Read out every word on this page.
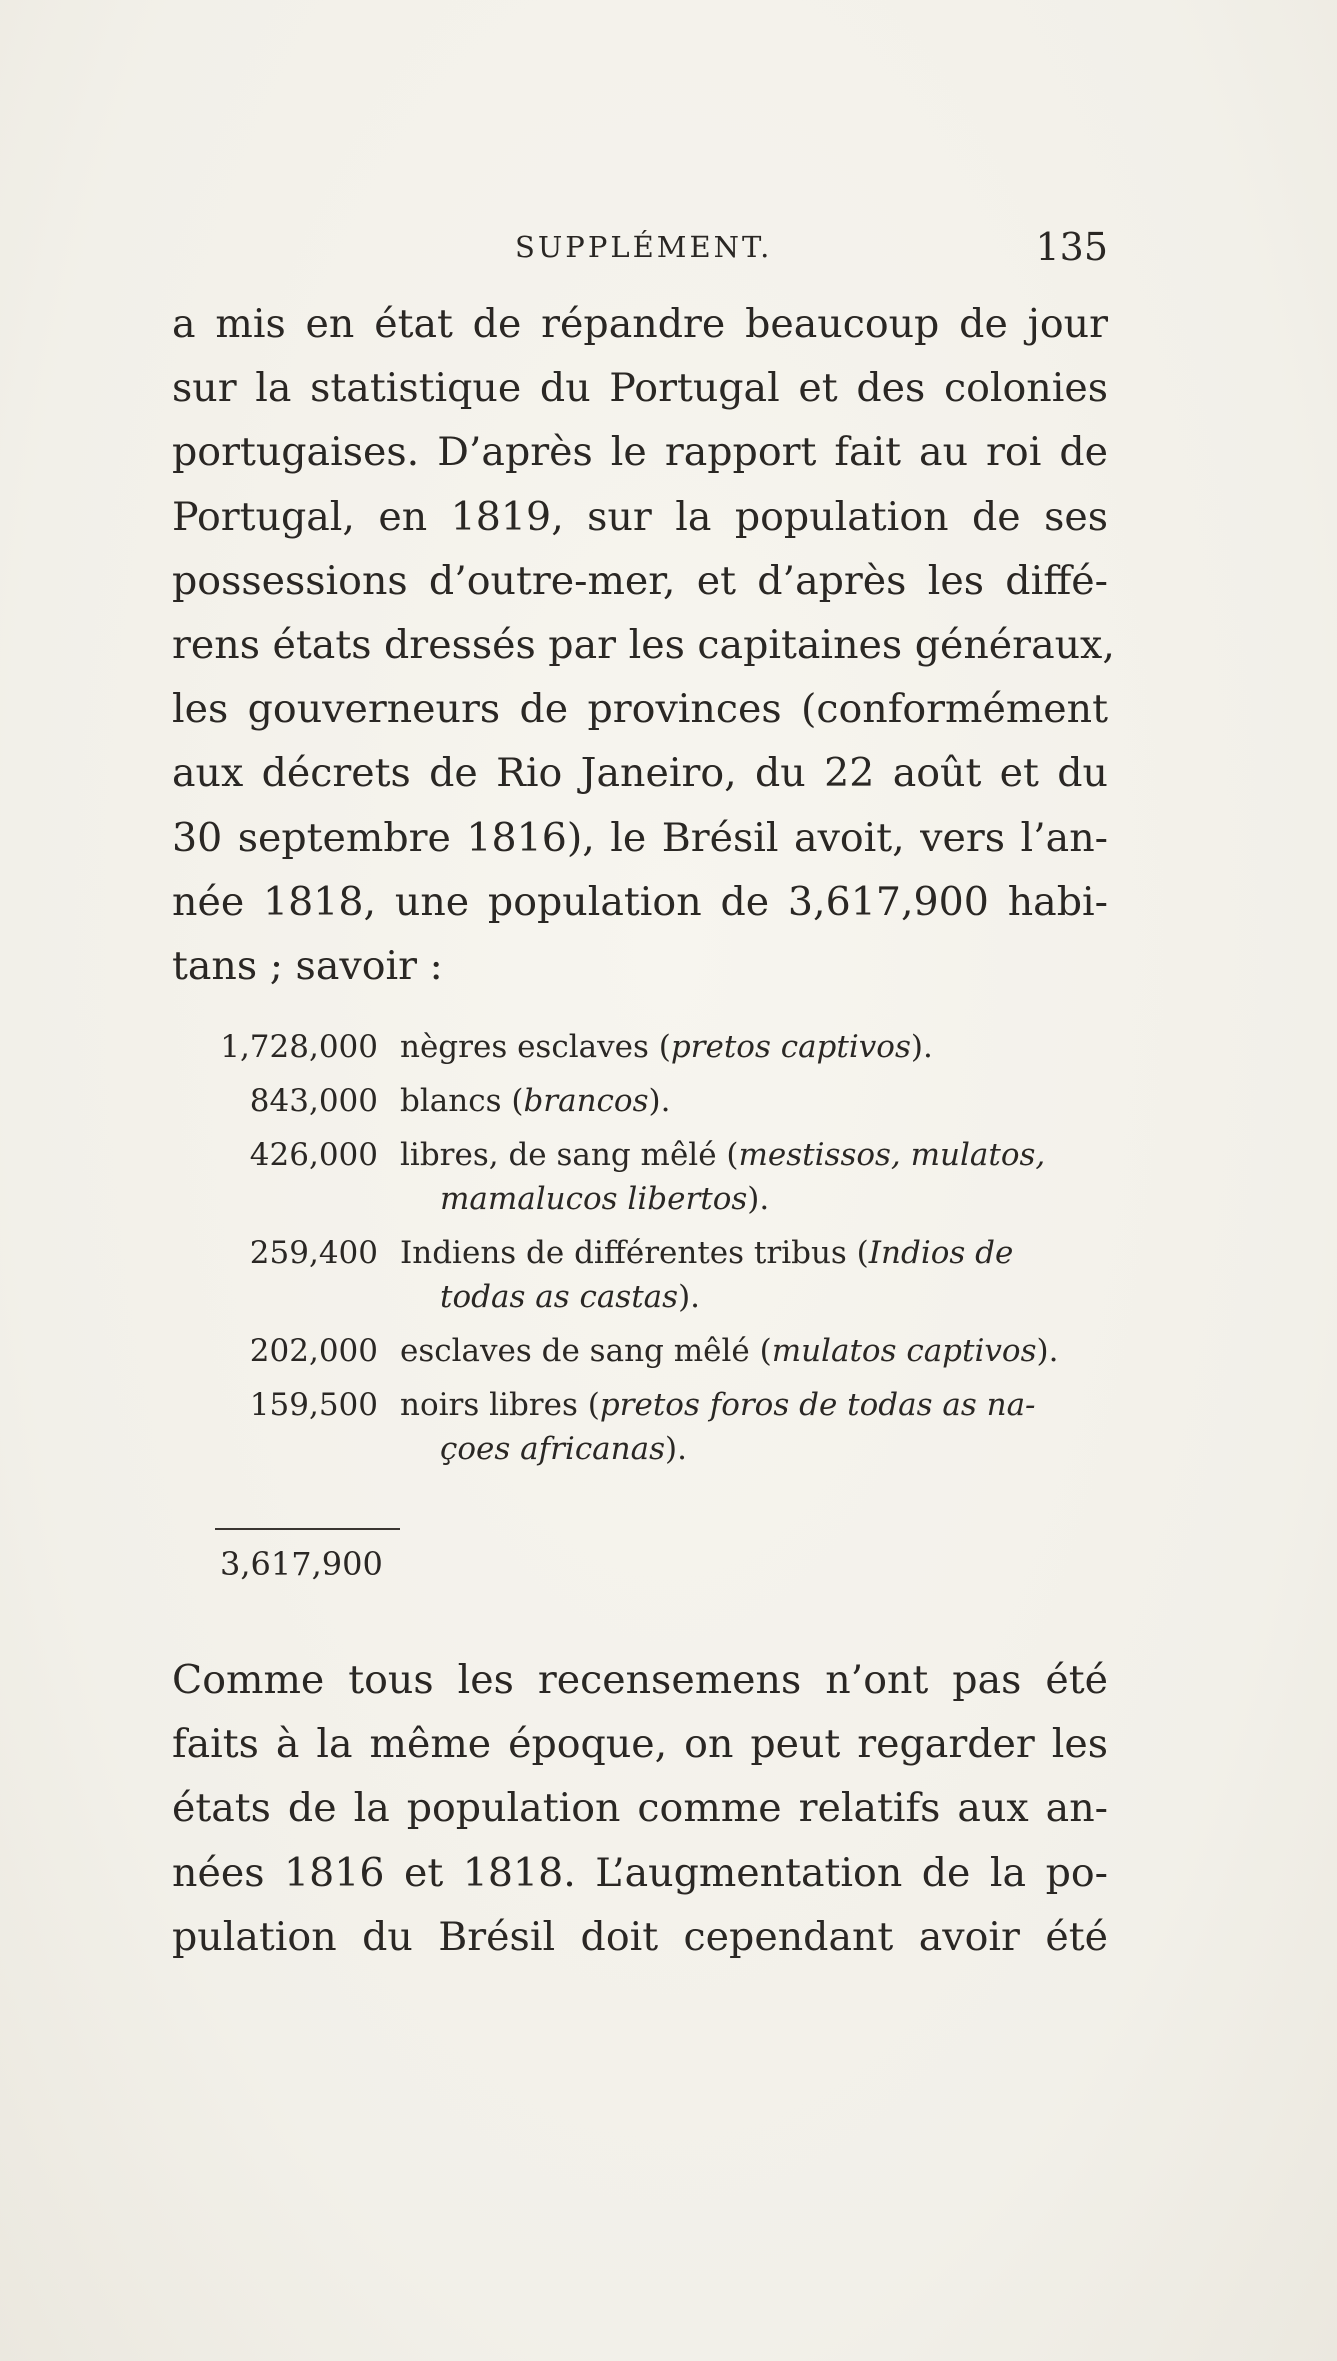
SUPPLÉMENT.	135
a mis en état de répandre beaucoup de jour
sur la statistique du Portugal et des colonies
portugaises. D’après le rapport fait au roi de
Portugal, en 1819, sur la population de ses
possessions d’outre-mer, et d’après les diffé-
rens états dressés par les capitaines généraux,
les gouverneurs de provinces (conformément
aux décrets de Rio Janeiro, du 22 août et du
30 septembre 1816), le Brésil avoit, vers l’an-
née 1818, une population de 3,617,900 habi-
tans ; savoir :
1,728,000 nègres esclaves (pretos captivos).
843,000 blancs (brancos).
426,000 libres, de sang mêlé (mestissos, mulatos,
mamalucos libertos).
259,400 Indiens de différentes tribus (Indios de
todas as castas).
202,000 esclaves de sang mêlé (mulatos captivos).
159,500 noirs libres (pretos foros de todas as na-
çoes africanas).
3,617,900
Comme tous les recensemens n’ont pas été
faits à la même époque, on peut regarder les
états de la population comme relatifs aux an-
nées 1816 et 1818. L’augmentation de la po-
pulation du Brésil doit cependant avoir été
